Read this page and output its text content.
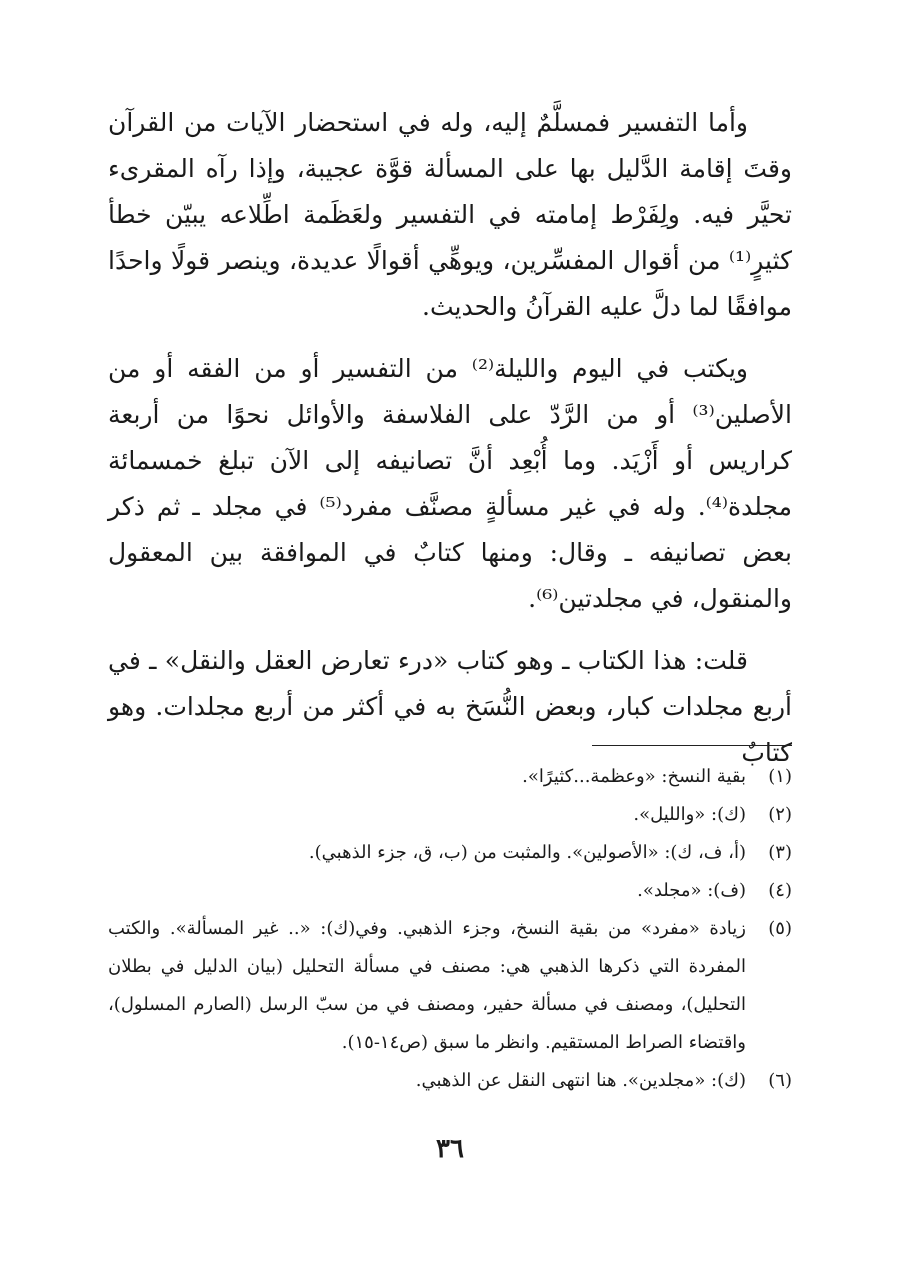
وأما التفسير فمسلَّمٌ إليه، وله في استحضار الآيات من القرآن وقتَ إقامة الدَّليل بها على المسألة قوَّة عجيبة، وإذا رآه المقرىء تحيَّر فيه. ولِفَرْط إمامته في التفسير ولعَظَمة اطِّلاعه يبيّن خطأ كثيرٍ⁽¹⁾ من أقوال المفسِّرين، ويوهِّي أقوالًا عديدة، وينصر قولًا واحدًا موافقًا لما دلَّ عليه القرآنُ والحديث.

ويكتب في اليوم والليلة⁽²⁾ من التفسير أو من الفقه أو من الأصلين⁽³⁾ أو من الرَّدّ على الفلاسفة والأوائل نحوًا من أربعة كراريس أو أَزْيَد. وما أُبْعِد أنَّ تصانيفه إلى الآن تبلغ خمسمائة مجلدة⁽⁴⁾. وله في غير مسألةٍ مصنَّف مفرد⁽⁵⁾ في مجلد ـ ثم ذكر بعض تصانيفه ـ وقال: ومنها كتابٌ في الموافقة بين المعقول والمنقول، في مجلدتين⁽⁶⁾.

قلت: هذا الكتاب ـ وهو كتاب «درء تعارض العقل والنقل» ـ في أربع مجلدات كبار، وبعض النُّسَخ به في أكثر من أربع مجلدات. وهو كتابٌ

(١)
بقية النسخ: «وعظمة...كثيرًا».
(٢)
(ك): «والليل».
(٣)
(أ، ف، ك): «الأصولين». والمثبت من (ب، ق، جزء الذهبي).
(٤)
(ف): «مجلد».
(٥)
زيادة «مفرد» من بقية النسخ، وجزء الذهبي. وفي(ك): «.. غير المسألة». والكتب المفردة التي ذكرها الذهبي هي: مصنف في مسألة التحليل (بيان الدليل في بطلان التحليل)، ومصنف في مسألة حفير، ومصنف في من سبّ الرسل (الصارم المسلول)، واقتضاء الصراط المستقيم. وانظر ما سبق (ص١٤-١٥).
(٦)
(ك): «مجلدين». هنا انتهى النقل عن الذهبي.
٣٦
